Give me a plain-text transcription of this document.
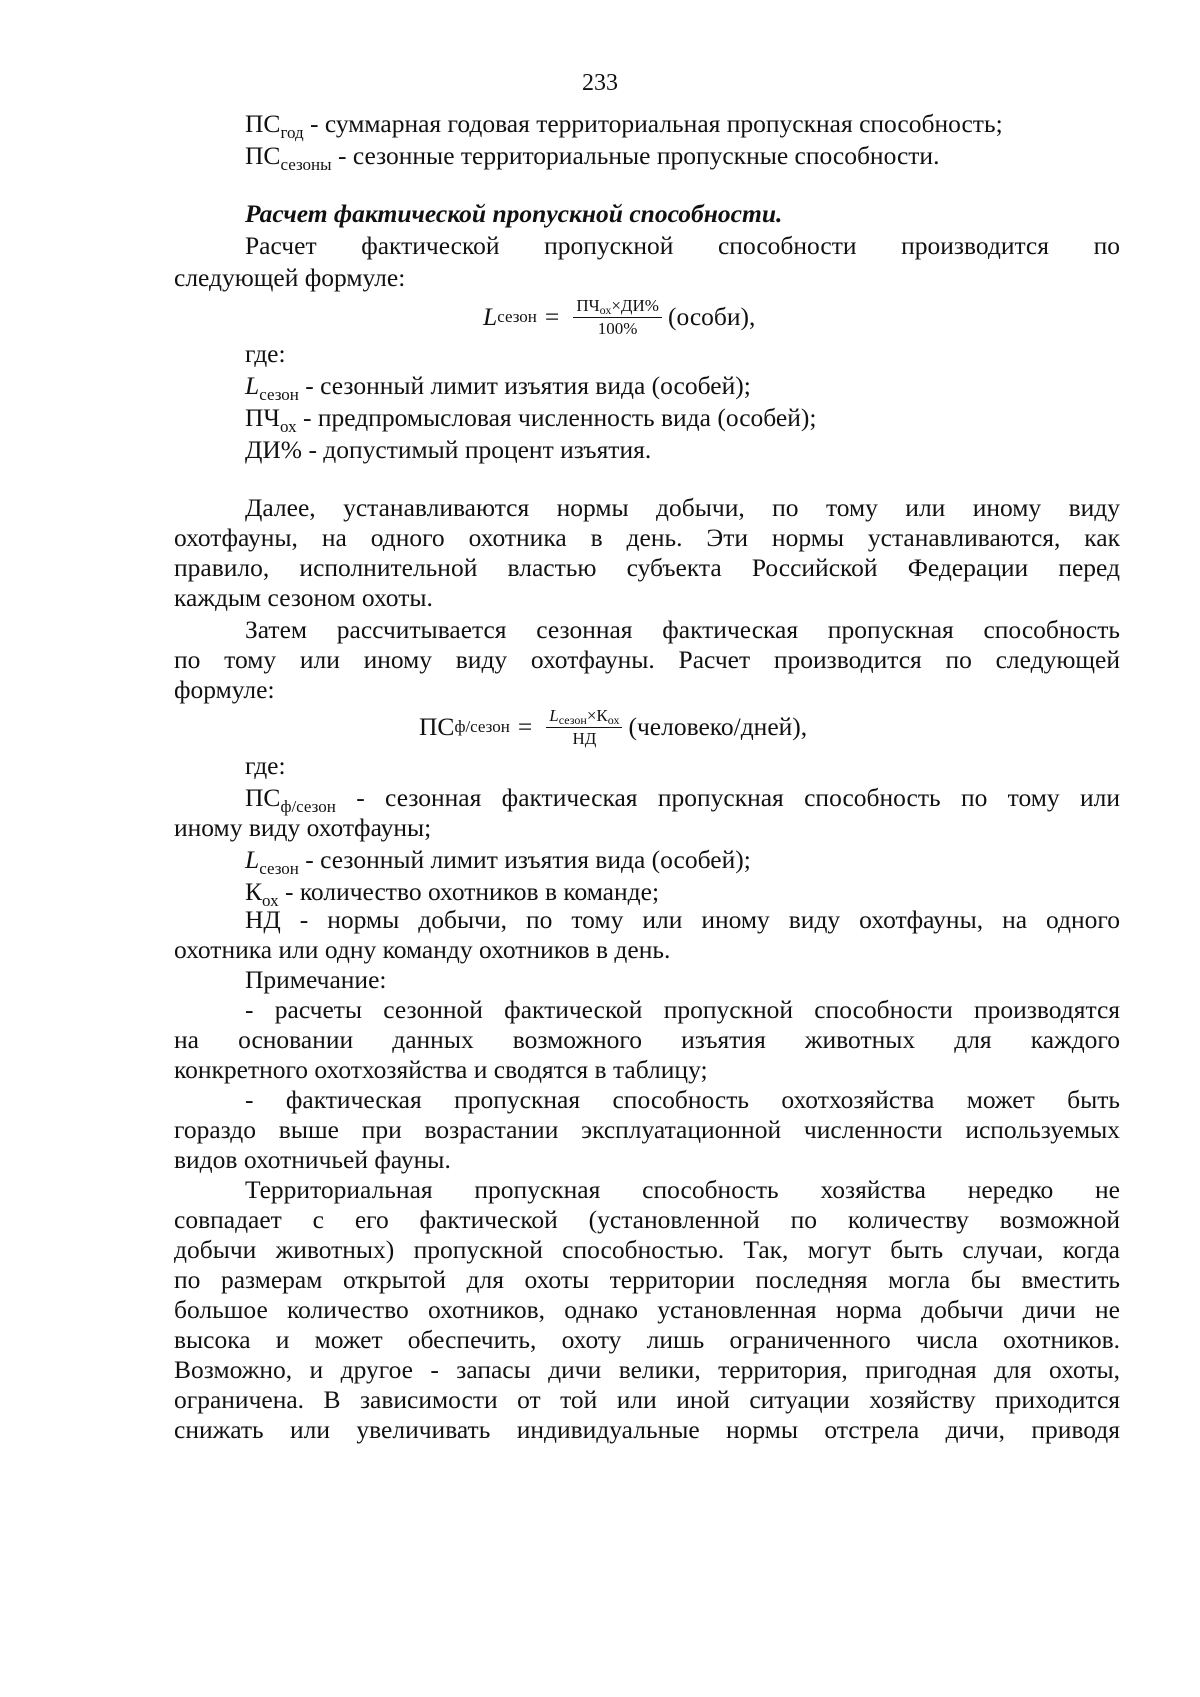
233
$ПС_{год}$ - суммарная годовая территориальная пропускная способность;
$ПС_{сезоны}$ - сезонные территориальные пропускные способности.
Расчет фактической пропускной способности.
Расчет фактической пропускной способности производится по
следующей формуле:
L сезон = $\frac{ПЧ_{ох}\times ДИ\%}{100\%}$ (особи),
где:
$L_{сезон}$ - сезонный лимит изъятия вида (особей);
$ПЧ_{ох}$ - предпромысловая численность вида (особей);
ДИ% - допустимый процент изъятия.
Далее, устанавливаются нормы добычи, по тому или иному виду
охотфауны, на одного охотника в день. Эти нормы устанавливаются, как
правило, исполнительной властью субъекта Российской Федерации перед
каждым сезоном охоты.
Затем рассчитывается сезонная фактическая пропускная способность
по тому или иному виду охотфауны. Расчет производится по следующей
формуле:
ПС ф/сезон = $\frac{L_{сезон}\times К_{ох}}{НД}$ (человеко/дней),
где:
$ПС_{ф/сезон}$ - сезонная фактическая пропускная способность по тому или
иному виду охотфауны;
$L_{сезон}$ - сезонный лимит изъятия вида (особей);
$К_{ох}$ - количество охотников в команде;
НД - нормы добычи, по тому или иному виду охотфауны, на одного
охотника или одну команду охотников в день.
Примечание:
- расчеты сезонной фактической пропускной способности производятся
на основании данных возможного изъятия животных для каждого
конкретного охотхозяйства и сводятся в таблицу;
- фактическая пропускная способность охотхозяйства может быть
гораздо выше при возрастании эксплуатационной численности используемых
видов охотничьей фауны.
Территориальная пропускная способность хозяйства нередко не
совпадает с его фактической (установленной по количеству возможной
добычи животных) пропускной способностью. Так, могут быть случаи, когда
по размерам открытой для охоты территории последняя могла бы вместить
большое количество охотников, однако установленная норма добычи дичи не
высока и может обеспечить, охоту лишь ограниченного числа охотников.
Возможно, и другое - запасы дичи велики, территория, пригодная для охоты,
ограничена. В зависимости от той или иной ситуации хозяйству приходится
снижать или увеличивать индивидуальные нормы отстрела дичи, приводя
